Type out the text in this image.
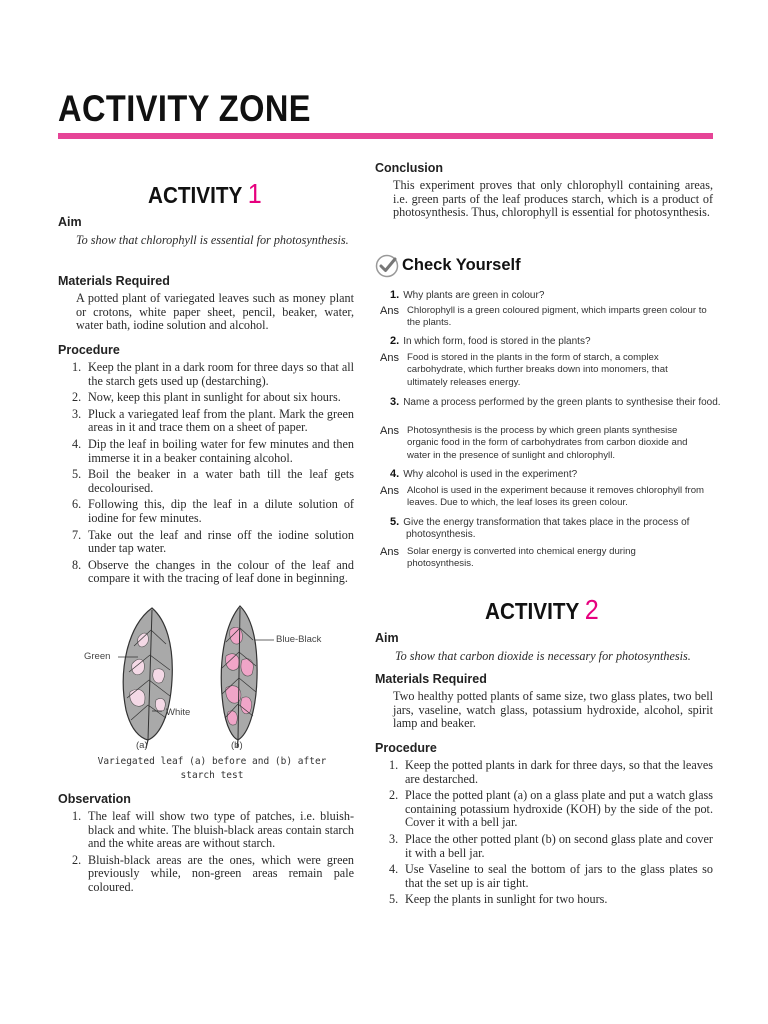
ACTIVITY ZONE
ACTIVITY 1
Aim
To show that chlorophyll is essential for photosynthesis.
Materials Required
A potted plant of variegated leaves such as money plant or crotons, white paper sheet, pencil, beaker, water, water bath, iodine solution and alcohol.
Procedure
1. Keep the plant in a dark room for three days so that all the starch gets used up (destarching).
2. Now, keep this plant in sunlight for about six hours.
3. Pluck a variegated leaf from the plant. Mark the green areas in it and trace them on a sheet of paper.
4. Dip the leaf in boiling water for few minutes and then immerse it in a beaker containing alcohol.
5. Boil the beaker in a water bath till the leaf gets decolourised.
6. Following this, dip the leaf in a dilute solution of iodine for few minutes.
7. Take out the leaf and rinse off the iodine solution under tap water.
8. Observe the changes in the colour of the leaf and compare it with the tracing of leaf done in beginning.
Green
White
Blue-Black
(a)	(b)
Variegated leaf (a) before and (b) after
starch test
Observation
1. The leaf will show two type of patches, i.e. bluish-black and white. The bluish-black areas contain starch and the white areas are without starch.
2. Bluish-black areas are the ones, which were green previously while, non-green areas remain pale coloured.
Conclusion
This experiment proves that only chlorophyll containing areas, i.e. green parts of the leaf produces starch, which is a product of photosynthesis. Thus, chlorophyll is essential for photosynthesis.
Check Yourself
1. Why plants are green in colour?
Ans Chlorophyll is a green coloured pigment, which imparts green colour to the plants.
2. In which form, food is stored in the plants?
Ans Food is stored in the plants in the form of starch, a complex carbohydrate, which further breaks down into monomers, that ultimately releases energy.
3. Name a process performed by the green plants to synthesise their food.
Ans Photosynthesis is the process by which green plants synthesise organic food in the form of carbohydrates from carbon dioxide and water in the presence of sunlight and chlorophyll.
4. Why alcohol is used in the experiment?
Ans Alcohol is used in the experiment because it removes chlorophyll from leaves. Due to which, the leaf loses its green colour.
5. Give the energy transformation that takes place in the process of photosynthesis.
Ans Solar energy is converted into chemical energy during photosynthesis.
ACTIVITY 2
Aim
To show that carbon dioxide is necessary for photosynthesis.
Materials Required
Two healthy potted plants of same size, two glass plates, two bell jars, vaseline, watch glass, potassium hydroxide, alcohol, spirit lamp and beaker.
Procedure
1. Keep the potted plants in dark for three days, so that the leaves are destarched.
2. Place the potted plant (a) on a glass plate and put a watch glass containing potassium hydroxide (KOH) by the side of the pot. Cover it with a bell jar.
3. Place the other potted plant (b) on second glass plate and cover it with a bell jar.
4. Use Vaseline to seal the bottom of jars to the glass plates so that the set up is air tight.
5. Keep the plants in sunlight for two hours.
